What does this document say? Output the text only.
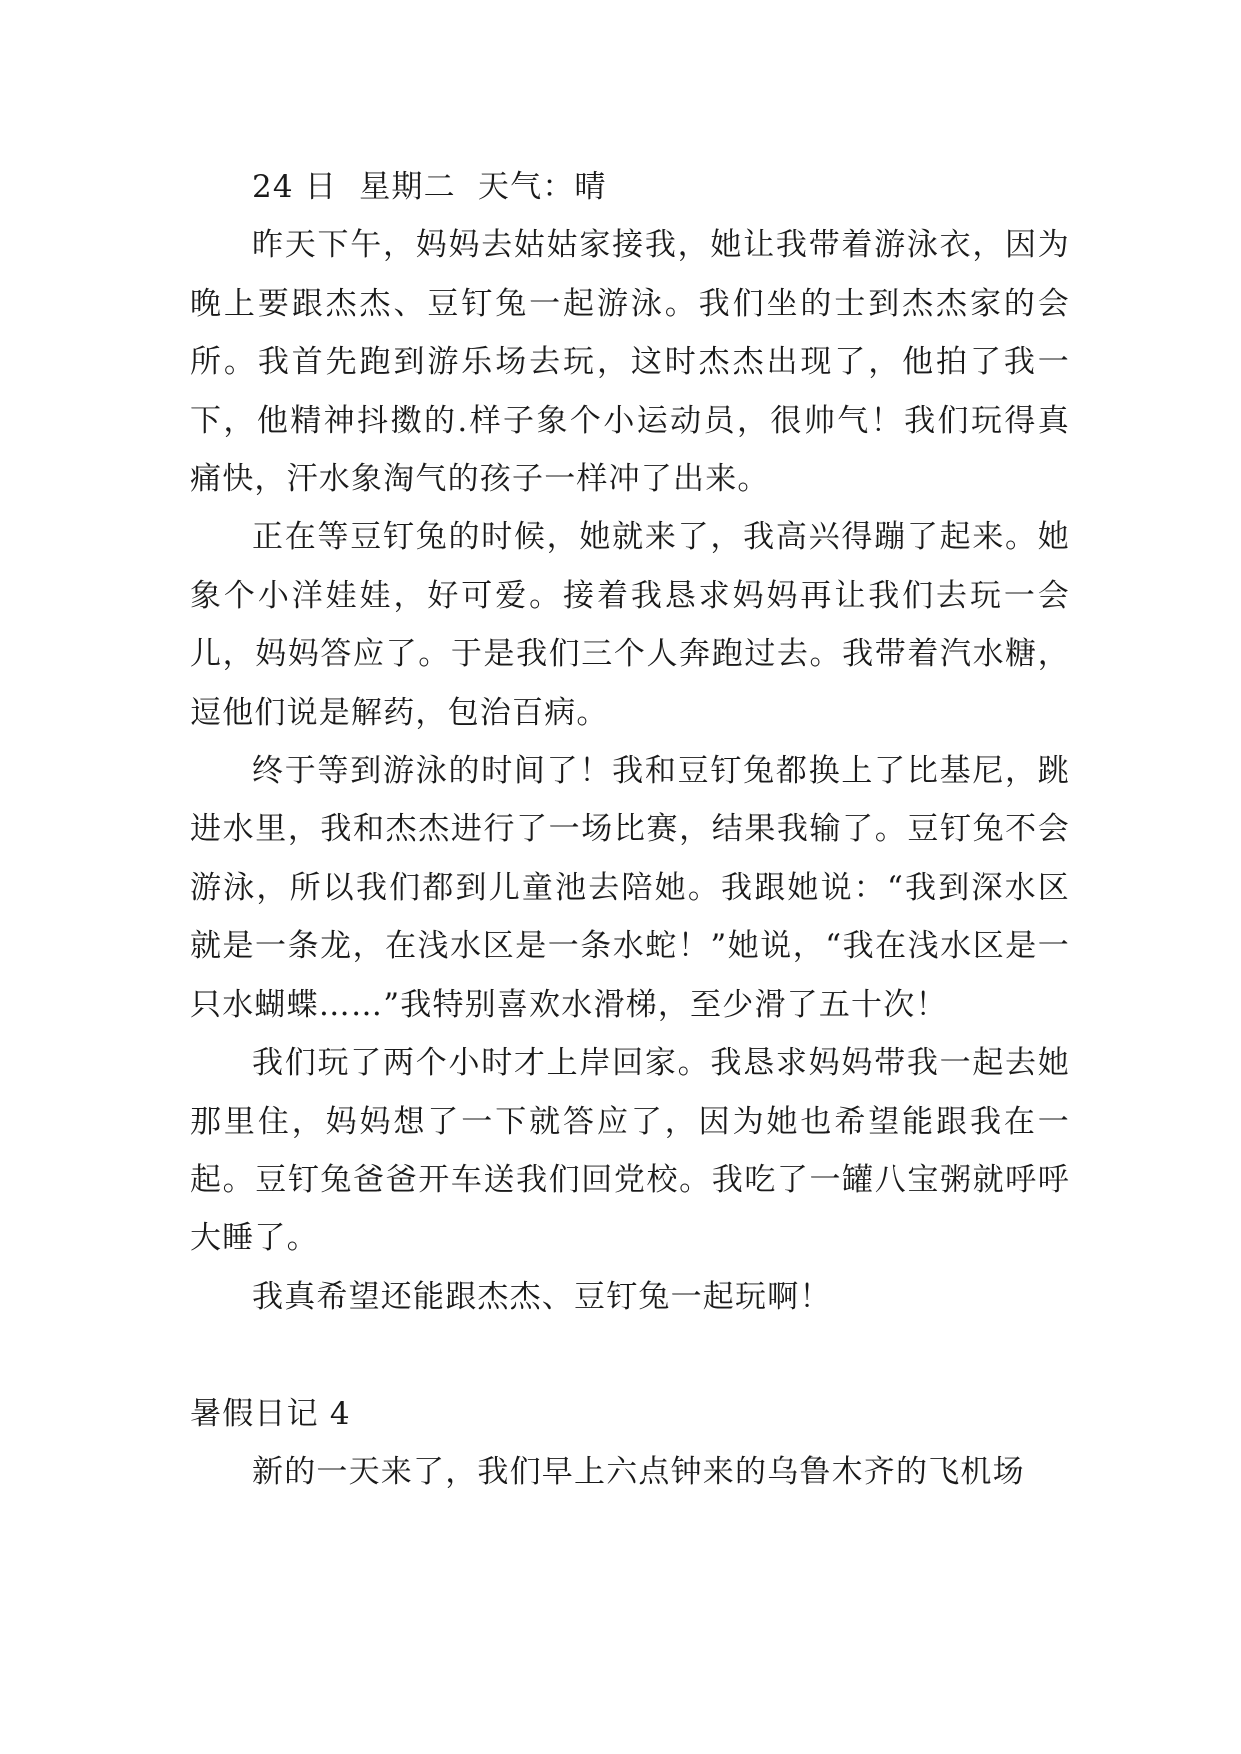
24 日  星期二  天气：晴

昨天下午，妈妈去姑姑家接我，她让我带着游泳衣，因为晚上要跟杰杰、豆钉兔一起游泳。我们坐的士到杰杰家的会所。我首先跑到游乐场去玩，这时杰杰出现了，他拍了我一下，他精神抖擞的.样子象个小运动员，很帅气！我们玩得真痛快，汗水象淘气的孩子一样冲了出来。

正在等豆钉兔的时候，她就来了，我高兴得蹦了起来。她象个小洋娃娃，好可爱。接着我恳求妈妈再让我们去玩一会儿，妈妈答应了。于是我们三个人奔跑过去。我带着汽水糖，逗他们说是解药，包治百病。

终于等到游泳的时间了！我和豆钉兔都换上了比基尼，跳进水里，我和杰杰进行了一场比赛，结果我输了。豆钉兔不会游泳，所以我们都到儿童池去陪她。我跟她说：“我到深水区就是一条龙，在浅水区是一条水蛇！”她说，“我在浅水区是一只水蝴蝶……”我特别喜欢水滑梯，至少滑了五十次！

我们玩了两个小时才上岸回家。我恳求妈妈带我一起去她那里住，妈妈想了一下就答应了，因为她也希望能跟我在一起。豆钉兔爸爸开车送我们回党校。我吃了一罐八宝粥就呼呼大睡了。

我真希望还能跟杰杰、豆钉兔一起玩啊！

暑假日记 4

新的一天来了，我们早上六点钟来的乌鲁木齐的飞机场
